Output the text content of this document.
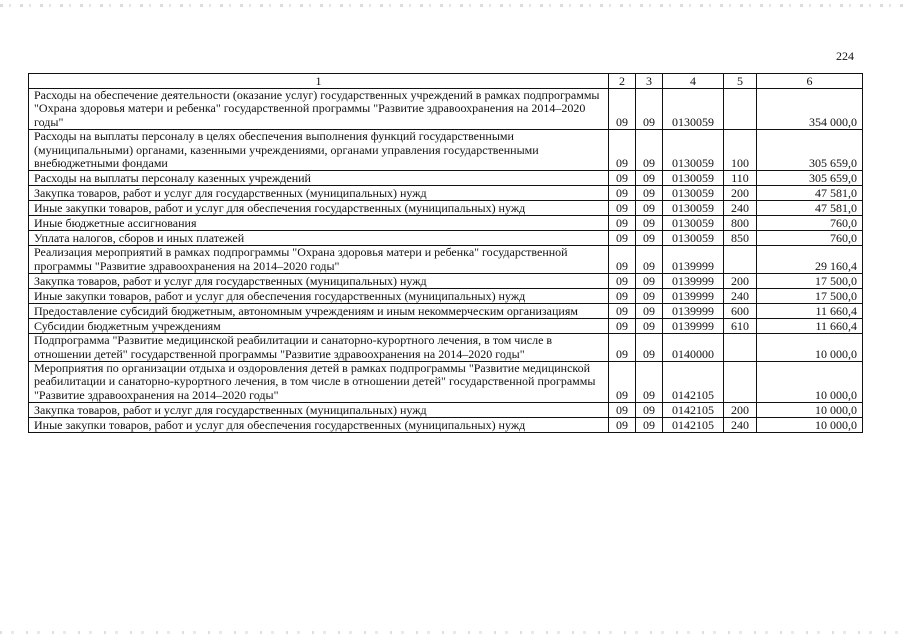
224
1	2	3	4	5	6
Расходы на обеспечение деятельности (оказание услуг) государственных учреждений в рамках подпрограммы "Охрана здоровья матери и ребенка" государственной программы "Развитие здравоохранения на 2014–2020 годы"	09	09	0130059		354 000,0
Расходы на выплаты персоналу в целях обеспечения выполнения функций государственными (муниципальными) органами, казенными учреждениями, органами управления государственными внебюджетными фондами	09	09	0130059	100	305 659,0
Расходы на выплаты персоналу казенных учреждений	09	09	0130059	110	305 659,0
Закупка товаров, работ и услуг для государственных (муниципальных) нужд	09	09	0130059	200	47 581,0
Иные закупки товаров, работ и услуг для обеспечения государственных (муниципальных) нужд	09	09	0130059	240	47 581,0
Иные бюджетные ассигнования	09	09	0130059	800	760,0
Уплата налогов, сборов и иных платежей	09	09	0130059	850	760,0
Реализация мероприятий в рамках подпрограммы "Охрана здоровья матери и ребенка" государственной программы "Развитие здравоохранения на 2014–2020 годы"	09	09	0139999		29 160,4
Закупка товаров, работ и услуг для государственных (муниципальных) нужд	09	09	0139999	200	17 500,0
Иные закупки товаров, работ и услуг для обеспечения государственных (муниципальных) нужд	09	09	0139999	240	17 500,0
Предоставление субсидий бюджетным, автономным учреждениям и иным некоммерческим организациям	09	09	0139999	600	11 660,4
Субсидии бюджетным учреждениям	09	09	0139999	610	11 660,4
Подпрограмма "Развитие медицинской реабилитации и санаторно-курортного лечения, в том числе в отношении детей" государственной программы "Развитие здравоохранения на 2014–2020 годы"	09	09	0140000		10 000,0
Мероприятия по организации отдыха и оздоровления детей в рамках подпрограммы "Развитие медицинской реабилитации и санаторно-курортного лечения, в том числе в отношении детей" государственной программы "Развитие здравоохранения на 2014–2020 годы"	09	09	0142105		10 000,0
Закупка товаров, работ и услуг для государственных (муниципальных) нужд	09	09	0142105	200	10 000,0
Иные закупки товаров, работ и услуг для обеспечения государственных (муниципальных) нужд	09	09	0142105	240	10 000,0
